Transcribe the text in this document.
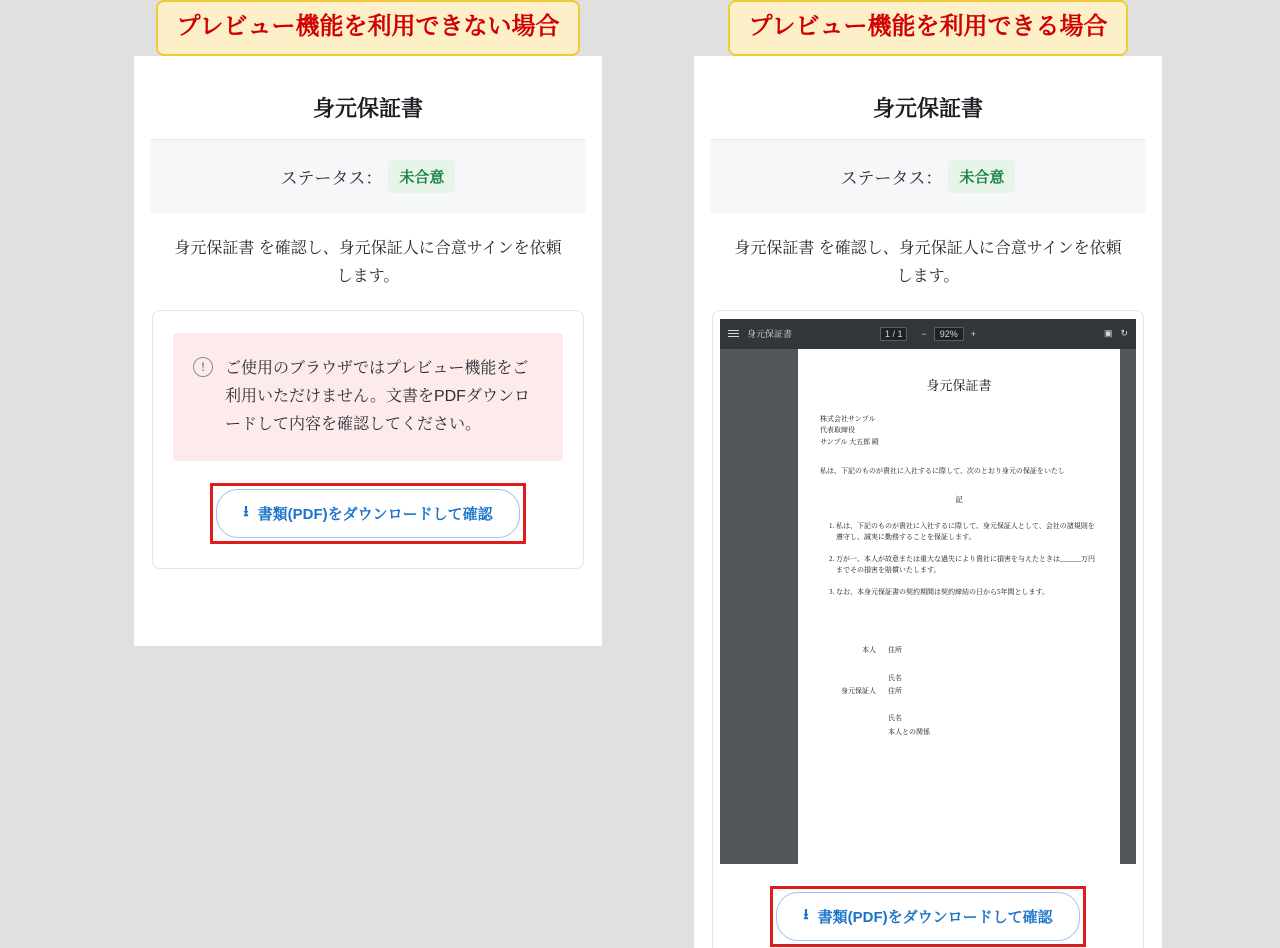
プレビュー機能を利用できない場合
身元保証書
ステータス：	未合意
身元保証書 を確認し、身元保証人に合意サインを依頼します。
!	ご使用のブラウザではプレビュー機能をご利用いただけません。文書をPDFダウンロードして内容を確認してください。
⭳ 書類(PDF)をダウンロードして確認
プレビュー機能を利用できる場合
身元保証書
ステータス：	未合意
身元保証書 を確認し、身元保証人に合意サインを依頼します。
身元保証書	1 / 1	−	92%	+	▣ ↻
身元保証書
株式会社サンプル
代表取締役
サンプル 大五郎 殿
私は、下記のものが貴社に入社するに際して、次のとおり身元の保証をいたし
記
1. 私は、下記のものが貴社に入社するに際して、身元保証人として、会社の諸規則を遵守し、誠実に勤務することを保証します。
2. 万が一、本人が故意または重大な過失により貴社に損害を与えたときは______万円までその損害を賠償いたします。
3. なお、本身元保証書の契約期間は契約締結の日から5年間とします。
本人 住所
氏名
身元保証人 住所
氏名
本人との関係
⭳ 書類(PDF)をダウンロードして確認
